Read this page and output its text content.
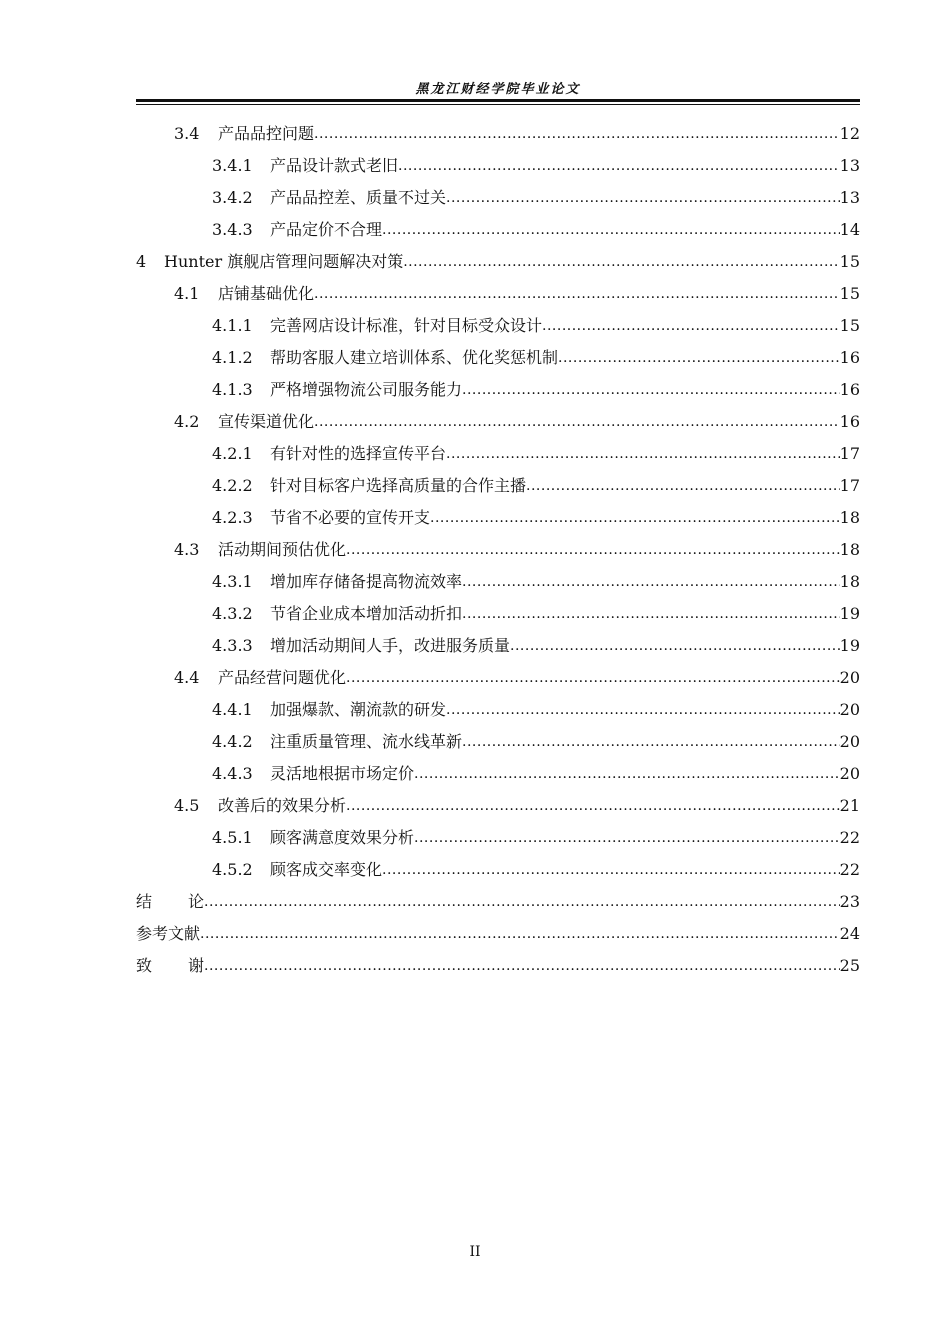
黑龙江财经学院毕业论文
3.4	产品品控问题 .....	12
3.4.1	产品设计款式老旧 .....	13
3.4.2	产品品控差、质量不过关 .....	13
3.4.3	产品定价不合理 .....	14
4	Hunter 旗舰店管理问题解决对策 .....	15
4.1	店铺基础优化 .....	15
4.1.1	完善网店设计标准，针对目标受众设计 .....	15
4.1.2	帮助客服人建立培训体系、优化奖惩机制 .....	16
4.1.3	严格增强物流公司服务能力 .....	16
4.2	宣传渠道优化 .....	16
4.2.1	有针对性的选择宣传平台 .....	17
4.2.2	针对目标客户选择高质量的合作主播 .....	17
4.2.3	节省不必要的宣传开支 .....	18
4.3	活动期间预估优化 .....	18
4.3.1	增加库存储备提高物流效率 .....	18
4.3.2	节省企业成本增加活动折扣 .....	19
4.3.3	增加活动期间人手，改进服务质量 .....	19
4.4	产品经营问题优化 .....	20
4.4.1	加强爆款、潮流款的研发 .....	20
4.4.2	注重质量管理、流水线革新 .....	20
4.4.3	灵活地根据市场定价 .....	20
4.5	改善后的效果分析 .....	21
4.5.1	顾客满意度效果分析 .....	22
4.5.2	顾客成交率变化 .....	22
结 论 .....	23
参考文献 .....	24
致 谢 .....	25
II
